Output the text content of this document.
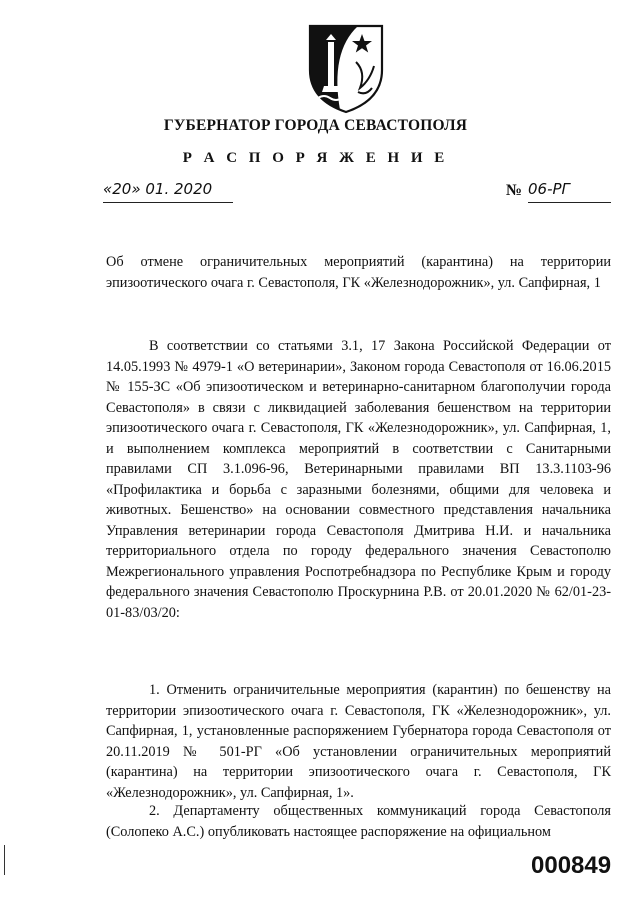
ГУБЕРНАТОР ГОРОДА СЕВАСТОПОЛЯ
Р А С П О Р Я Ж Е Н И Е
«20» 01. 2020	№ 06-РГ
Об отмене ограничительных мероприятий (карантина) на территории эпизоотического очага г. Севастополя, ГК «Железнодорожник», ул. Сапфирная, 1
В соответствии со статьями 3.1, 17 Закона Российской Федерации от 14.05.1993 № 4979-1 «О ветеринарии», Законом города Севастополя от 16.06.2015 № 155-ЗС «Об эпизоотическом и ветеринарно-санитарном благополучии города Севастополя» в связи с ликвидацией заболевания бешенством на территории эпизоотического очага г. Севастополя, ГК «Железнодорожник», ул. Сапфирная, 1, и выполнением комплекса мероприятий в соответствии с Санитарными правилами СП 3.1.096-96, Ветеринарными правилами ВП 13.3.1103-96 «Профилактика и борьба с заразными болезнями, общими для человека и животных. Бешенство» на основании совместного представления начальника Управления ветеринарии города Севастополя Дмитрива Н.И. и начальника территориального отдела по городу федерального значения Севастополю Межрегионального управления Роспотребнадзора по Республике Крым и городу федерального значения Севастополю Проскурнина Р.В. от 20.01.2020 № 62/01-23-01-83/03/20:
1. Отменить ограничительные мероприятия (карантин) по бешенству на территории эпизоотического очага г. Севастополя, ГК «Железнодорожник», ул. Сапфирная, 1, установленные распоряжением Губернатора города Севастополя от 20.11.2019 № 501-РГ «Об установлении ограничительных мероприятий (карантина) на территории эпизоотического очага г. Севастополя, ГК «Железнодорожник», ул. Сапфирная, 1».
2. Департаменту общественных коммуникаций города Севастополя (Солопеко А.С.) опубликовать настоящее распоряжение на официальном
000849
